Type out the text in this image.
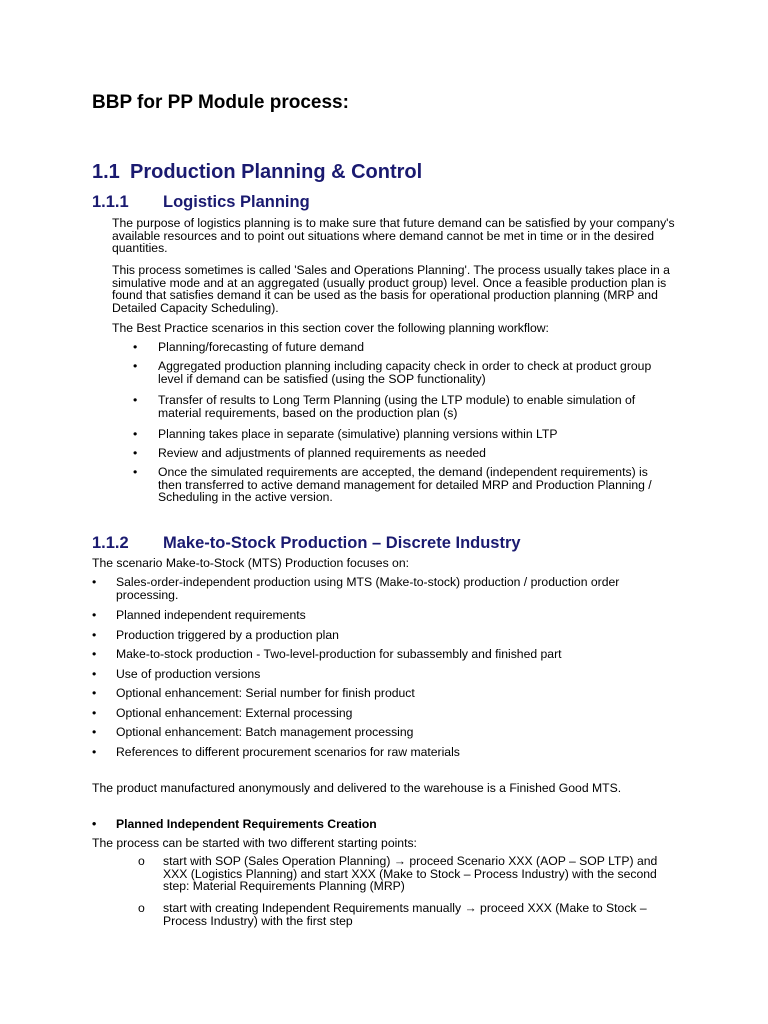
BBP for PP Module process:
1.1 Production Planning & Control
1.1.1 Logistics Planning

The purpose of logistics planning is to make sure that future demand can be satisfied by your company's available resources and to point out situations where demand cannot be met in time or in the desired quantities.

This process sometimes is called 'Sales and Operations Planning'. The process usually takes place in a simulative mode and at an aggregated (usually product group) level. Once a feasible production plan is found that satisfies demand it can be used as the basis for operational production planning (MRP and Detailed Capacity Scheduling).

The Best Practice scenarios in this section cover the following planning workflow:

•	Planning/forecasting of future demand
•	Aggregated production planning including capacity check in order to check at product group level if demand can be satisfied (using the SOP functionality)
•	Transfer of results to Long Term Planning (using the LTP module) to enable simulation of material requirements, based on the production plan (s)
•	Planning takes place in separate (simulative) planning versions within LTP
•	Review and adjustments of planned requirements as needed
•	Once the simulated requirements are accepted, the demand (independent requirements) is then transferred to active demand management for detailed MRP and Production Planning / Scheduling in the active version.
1.1.2 Make-to-Stock Production – Discrete Industry

The scenario Make-to-Stock (MTS) Production focuses on:

•	Sales-order-independent production using MTS (Make-to-stock) production / production order processing.
•	Planned independent requirements
•	Production triggered by a production plan
•	Make-to-stock production - Two-level-production for subassembly and finished part
•	Use of production versions
•	Optional enhancement: Serial number for finish product
•	Optional enhancement: External processing
•	Optional enhancement: Batch management processing
•	References to different procurement scenarios for raw materials

The product manufactured anonymously and delivered to the warehouse is a Finished Good MTS.

•	Planned Independent Requirements Creation

The process can be started with two different starting points:

o	start with SOP (Sales Operation Planning) → proceed Scenario XXX (AOP – SOP LTP) and XXX (Logistics Planning) and start XXX (Make to Stock – Process Industry) with the second step: Material Requirements Planning (MRP)
o	start with creating Independent Requirements manually → proceed XXX (Make to Stock – Process Industry) with the first step
